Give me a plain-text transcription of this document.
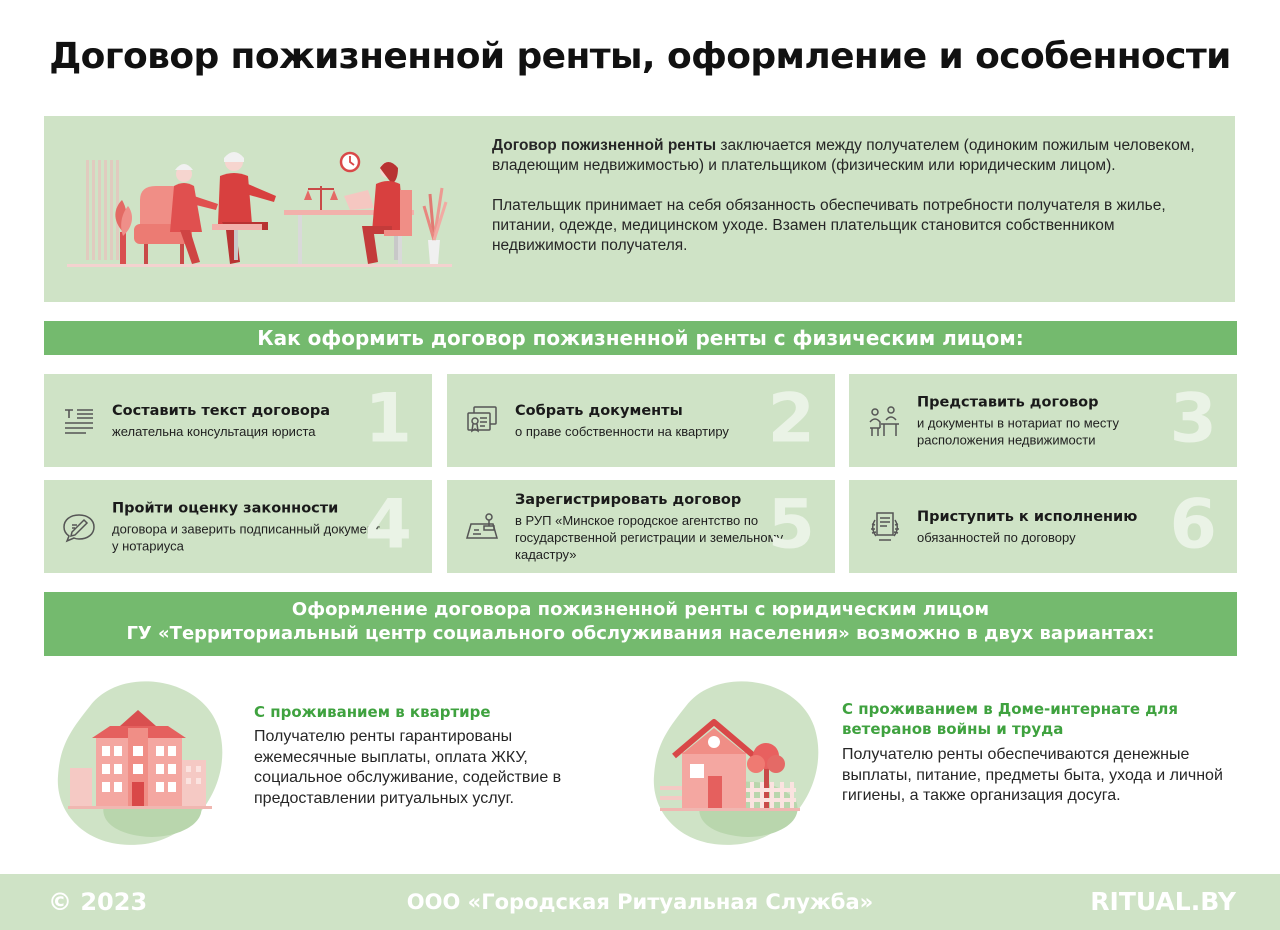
Договор пожизненной ренты, оформление и особенности

Договор пожизненной ренты заключается между получателем (одиноким пожилым человеком, владеющим недвижимостью) и плательщиком (физическим или юридическим лицом).

Плательщик принимает на себя обязанность обеспечивать потребности получателя в жилье, питании, одежде, медицинском уходе. Взамен плательщик становится собственником недвижимости получателя.

Как оформить договор пожизненной ренты с физическим лицом:
Составить текст договора
желательна консультация юриста 1	Собрать документы
о праве собственности на квартиру 2	Представить договор
и документы в нотариат по месту расположения недвижимости	3
Пройти оценку законности
договора и заверить подписанный документ у нотариуса	4	Зарегистрировать договор
в РУП «Минское городское агентство по государственной регистрации и земельному кадастру»	5	Приступить к исполнению
обязанностей по договору	6
Оформление договора пожизненной ренты с юридическим лицом
ГУ «Территориальный центр социального обслуживания населения» возможно в двух вариантах:
С проживанием в квартире
Получателю ренты гарантированы ежемесячные выплаты, оплата ЖКУ, социальное обслуживание, содействие в предоставлении ритуальных услуг.
С проживанием в Доме-интернате для ветеранов войны и труда
Получателю ренты обеспечиваются денежные выплаты, питание, предметы быта, ухода и личной гигиены, а также организация досуга.
© 2023	ООО «Городская Ритуальная Служба»	RITUAL.BY
